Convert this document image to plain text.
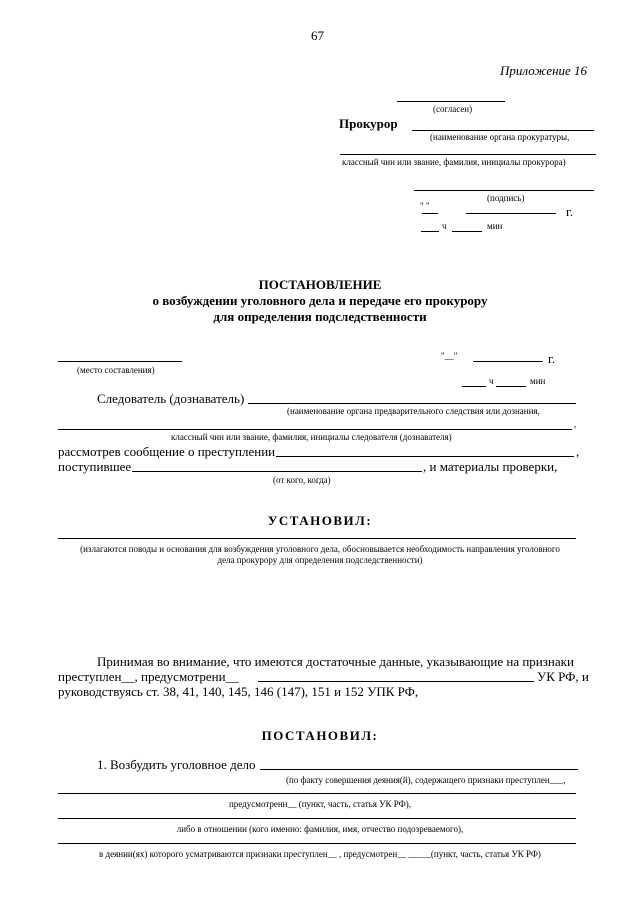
67
Приложение 16
(согласен)
Прокурор
(наименование органа прокуратуры,
классный чин или звание, фамилия, инициалы прокурора)
(подпись)
" "	г.
ч	мин
ПОСТАНОВЛЕНИЕ
о возбуждении уголовного дела и передаче его прокурору
для определения подследственности
(место составления)
"__"	г.
ч	мин
Следователь (дознаватель)
(наименование органа предварительного следствия или дознания,
,
классный чин или звание, фамилия, инициалы следователя (дознавателя)
рассмотрев сообщение о преступлении	,
поступившее	, и материалы проверки,
(от кого, когда)
УСТАНОВИЛ:
(излагаются поводы и основания для возбуждения уголовного дела, обосновывается необходимость направления уголовного
дела прокурору для определения подследственности)
Принимая во внимание, что имеются достаточные данные, указывающие на признаки
преступлен__, предусмотрени__	УК РФ, и
руководствуясь ст. 38, 41, 140, 145, 146 (147), 151 и 152 УПК РФ,
ПОСТАНОВИЛ:
1. Возбудить уголовное дело
(по факту совершения деяния(й), содержащего признаки преступлен___,
предусмотренн__ (пункт, часть, статья УК РФ),
либо в отношении (кого именно: фамилия, имя, отчество подозреваемого),
в деянии(ях) которого усматриваются признаки преступлен__ , предусмотрен__ _____(пункт, часть, статья УК РФ)
